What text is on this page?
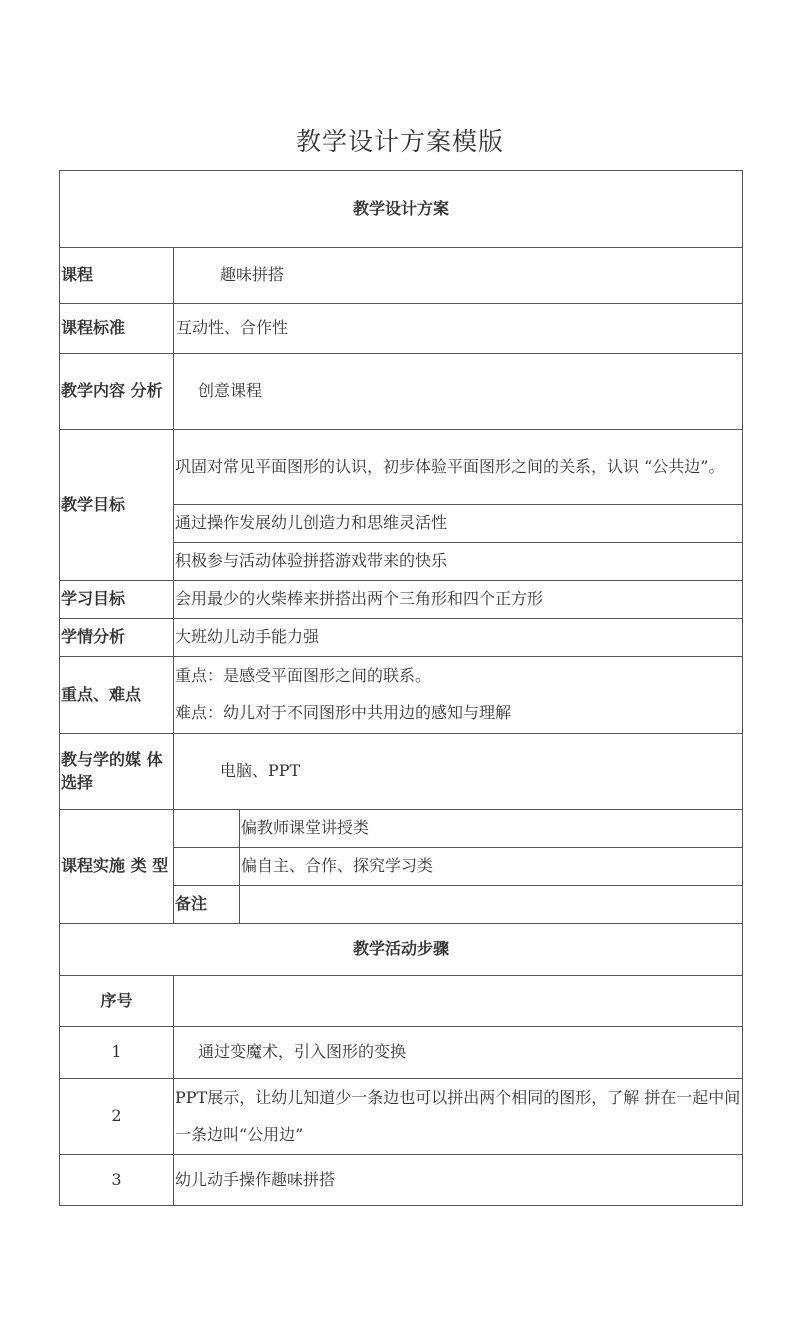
教学设计方案模版
教学设计方案		
课程	趣味拼搭	
课程标准	互动性、合作性	
教学内容 分析	创意课程	
教学目标	巩固对常见平面图形的认识，初步体验平面图形之间的关系，认识 “公共边”。	
	通过操作发展幼儿创造力和思维灵活性	
	积极参与活动体验拼搭游戏带来的快乐	
学习目标	会用最少的火柴棒来拼搭出两个三角形和四个正方形	
学情分析	大班幼儿动手能力强	
重点、难点	重点：是感受平面图形之间的联系。
难点：幼儿对于不同图形中共用边的感知与理解	

教与学的媒 体选择	电脑、PPT	
课程实施 类 型		偏教师课堂讲授类
		偏自主、合作、探究学习类
	备注	
教学活动步骤		
序号		
1	通过变魔术，引入图形的变换	
2	PPT展示，让幼儿知道少一条边也可以拼出两个相同的图形，了解 拼在一起中间一条边叫“公用边”	
3	幼儿动手操作趣味拼搭	
